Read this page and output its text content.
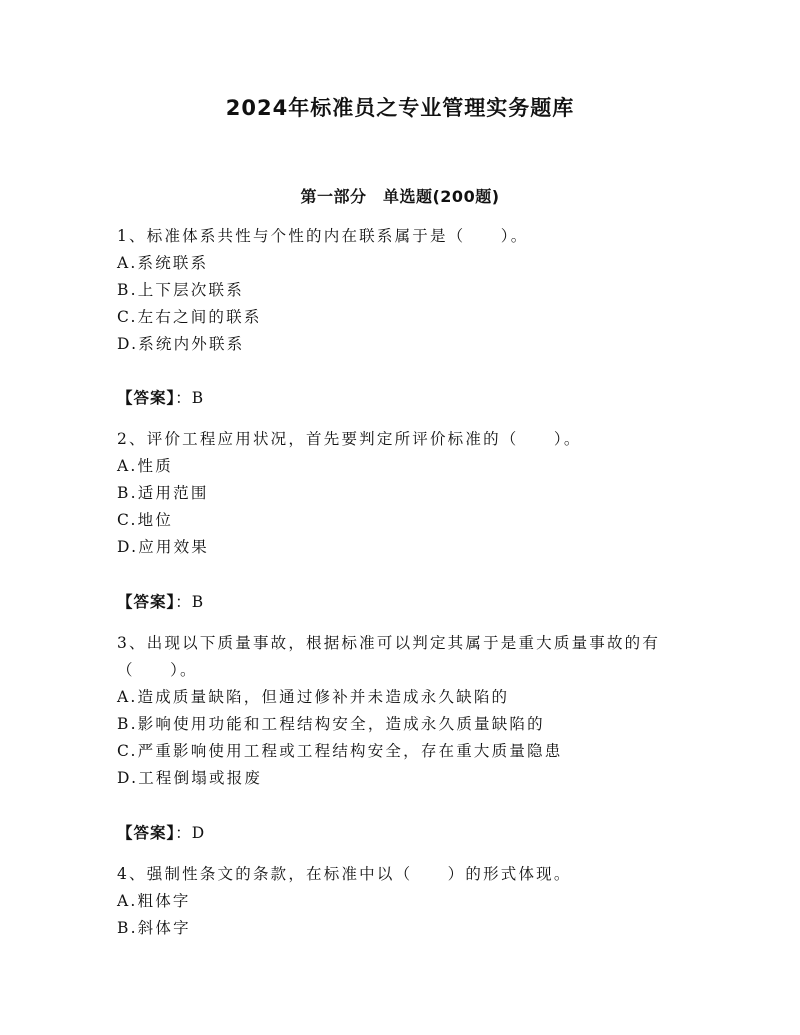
2024年标准员之专业管理实务题库
第一部分　单选题(200题)
1、标准体系共性与个性的内在联系属于是（　　）。
A.系统联系
B.上下层次联系
C.左右之间的联系
D.系统内外联系
【答案】：B
2、评价工程应用状况，首先要判定所评价标准的（　　）。
A.性质
B.适用范围
C.地位
D.应用效果
【答案】：B
3、出现以下质量事故，根据标准可以判定其属于是重大质量事故的有
（　　）。
A.造成质量缺陷，但通过修补并未造成永久缺陷的
B.影响使用功能和工程结构安全，造成永久质量缺陷的
C.严重影响使用工程或工程结构安全，存在重大质量隐患
D.工程倒塌或报废
【答案】：D
4、强制性条文的条款，在标准中以（　　）的形式体现。
A.粗体字
B.斜体字
